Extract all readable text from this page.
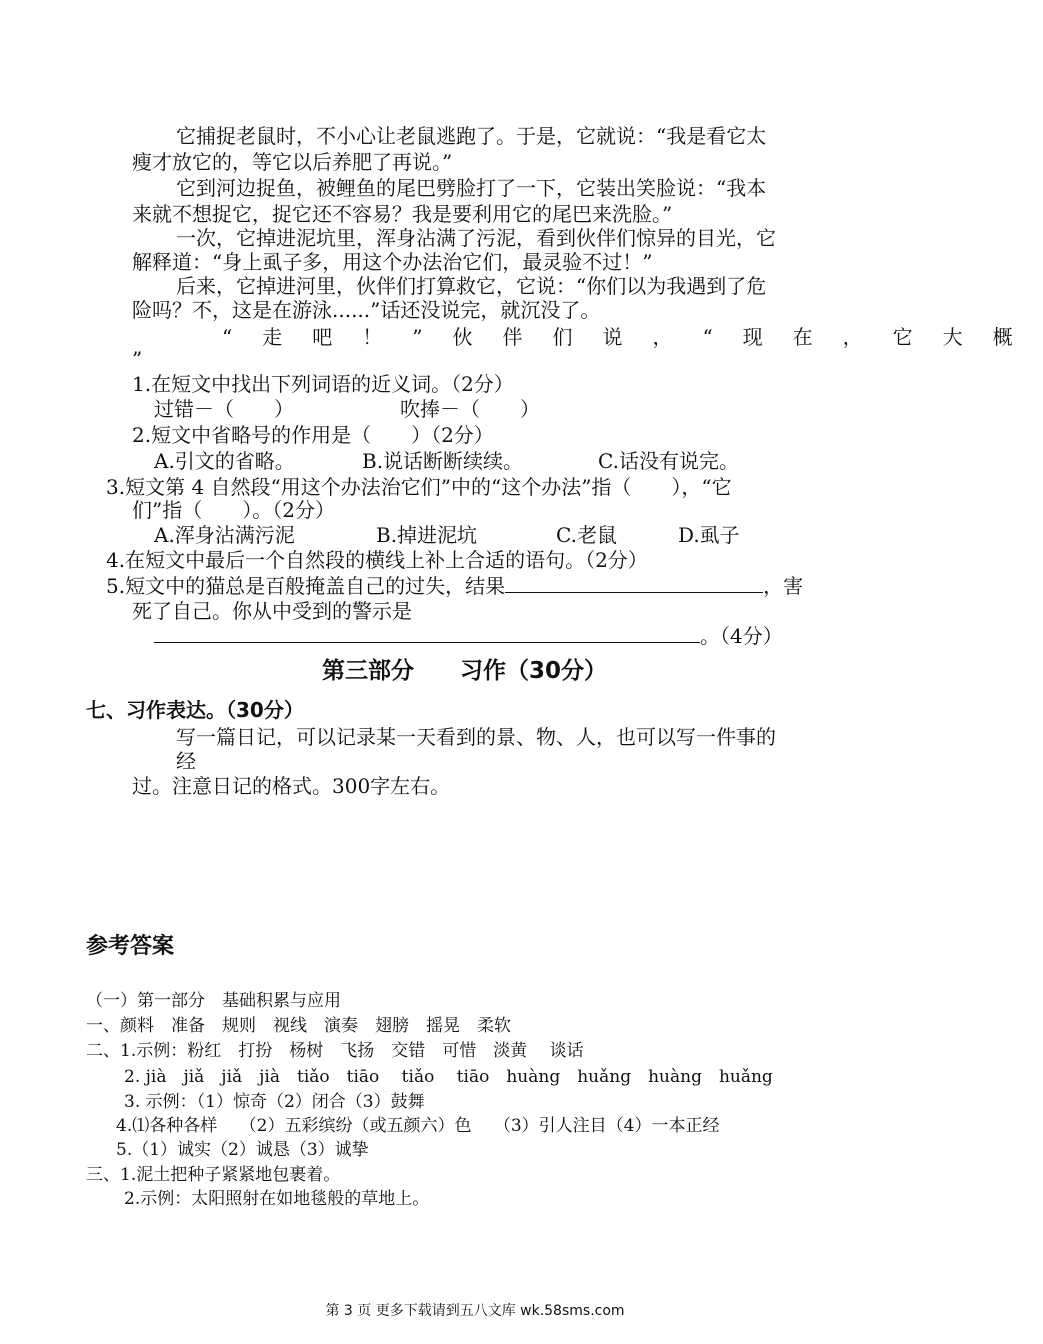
它捕捉老鼠时，不小心让老鼠逃跑了。于是，它就说：“我是看它太
瘦才放它的，等它以后养肥了再说。”
它到河边捉鱼，被鲤鱼的尾巴劈脸打了一下，它装出笑脸说：“我本
来就不想捉它，捉它还不容易？我是要利用它的尾巴来洗脸。”
一次，它掉进泥坑里，浑身沾满了污泥，看到伙伴们惊异的目光，它
解释道：“身上虱子多，用这个办法治它们，最灵验不过！”
后来，它掉进河里，伙伴们打算救它，它说：“你们以为我遇到了危
险吗？不，这是在游泳......”话还没说完，就沉没了。
“走吧！”伙伴们说，“现在，它大概
”
1.在短文中找出下列词语的近义词。（2分）
过错－（　　）	吹捧－（　　）
2.短文中省略号的作用是（　　）（2分）
A.引文的省略。	B.说话断断续续。	C.话没有说完。
3.短文第 4 自然段“用这个办法治它们”中的“这个办法”指（　　），“它
们”指（　　）。（2分）
A.浑身沾满污泥	B.掉进泥坑	C.老鼠	D.虱子
4.在短文中最后一个自然段的横线上补上合适的语句。（2分）
5.短文中的猫总是百般掩盖自己的过失，结果	，害
死了自己。你从中受到的警示是
。（4分）
第三部分　　习作（30分）
七、习作表达。（30分）
写一篇日记，可以记录某一天看到的景、物、人，也可以写一件事的
经
过。注意日记的格式。300字左右。
参考答案
（一）第一部分　基础积累与应用
一、颜料　准备　规则　视线　演奏　翅膀　摇晃　柔软
二、1.示例：粉红　打扮　杨树　飞扬　交错　可惜　淡黄　 谈话
2. jià　jiǎ　jiǎ　jià　tiǎo　tiāo　 tiǎo　 tiāo　huàng　huǎng　huàng　huǎng
3. 示例：（1）惊奇（2）闭合（3）鼓舞
4.⑴各种各样　 （2）五彩缤纷（或五颜六）色　 （3）引人注目（4）一本正经
5.（1）诚实（2）诚恳（3）诚挚
三、1.泥土把种子紧紧地包裹着。
2.示例：太阳照射在如地毯般的草地上。
第 3 页 更多下载请到五八文库 wk.58sms.com
